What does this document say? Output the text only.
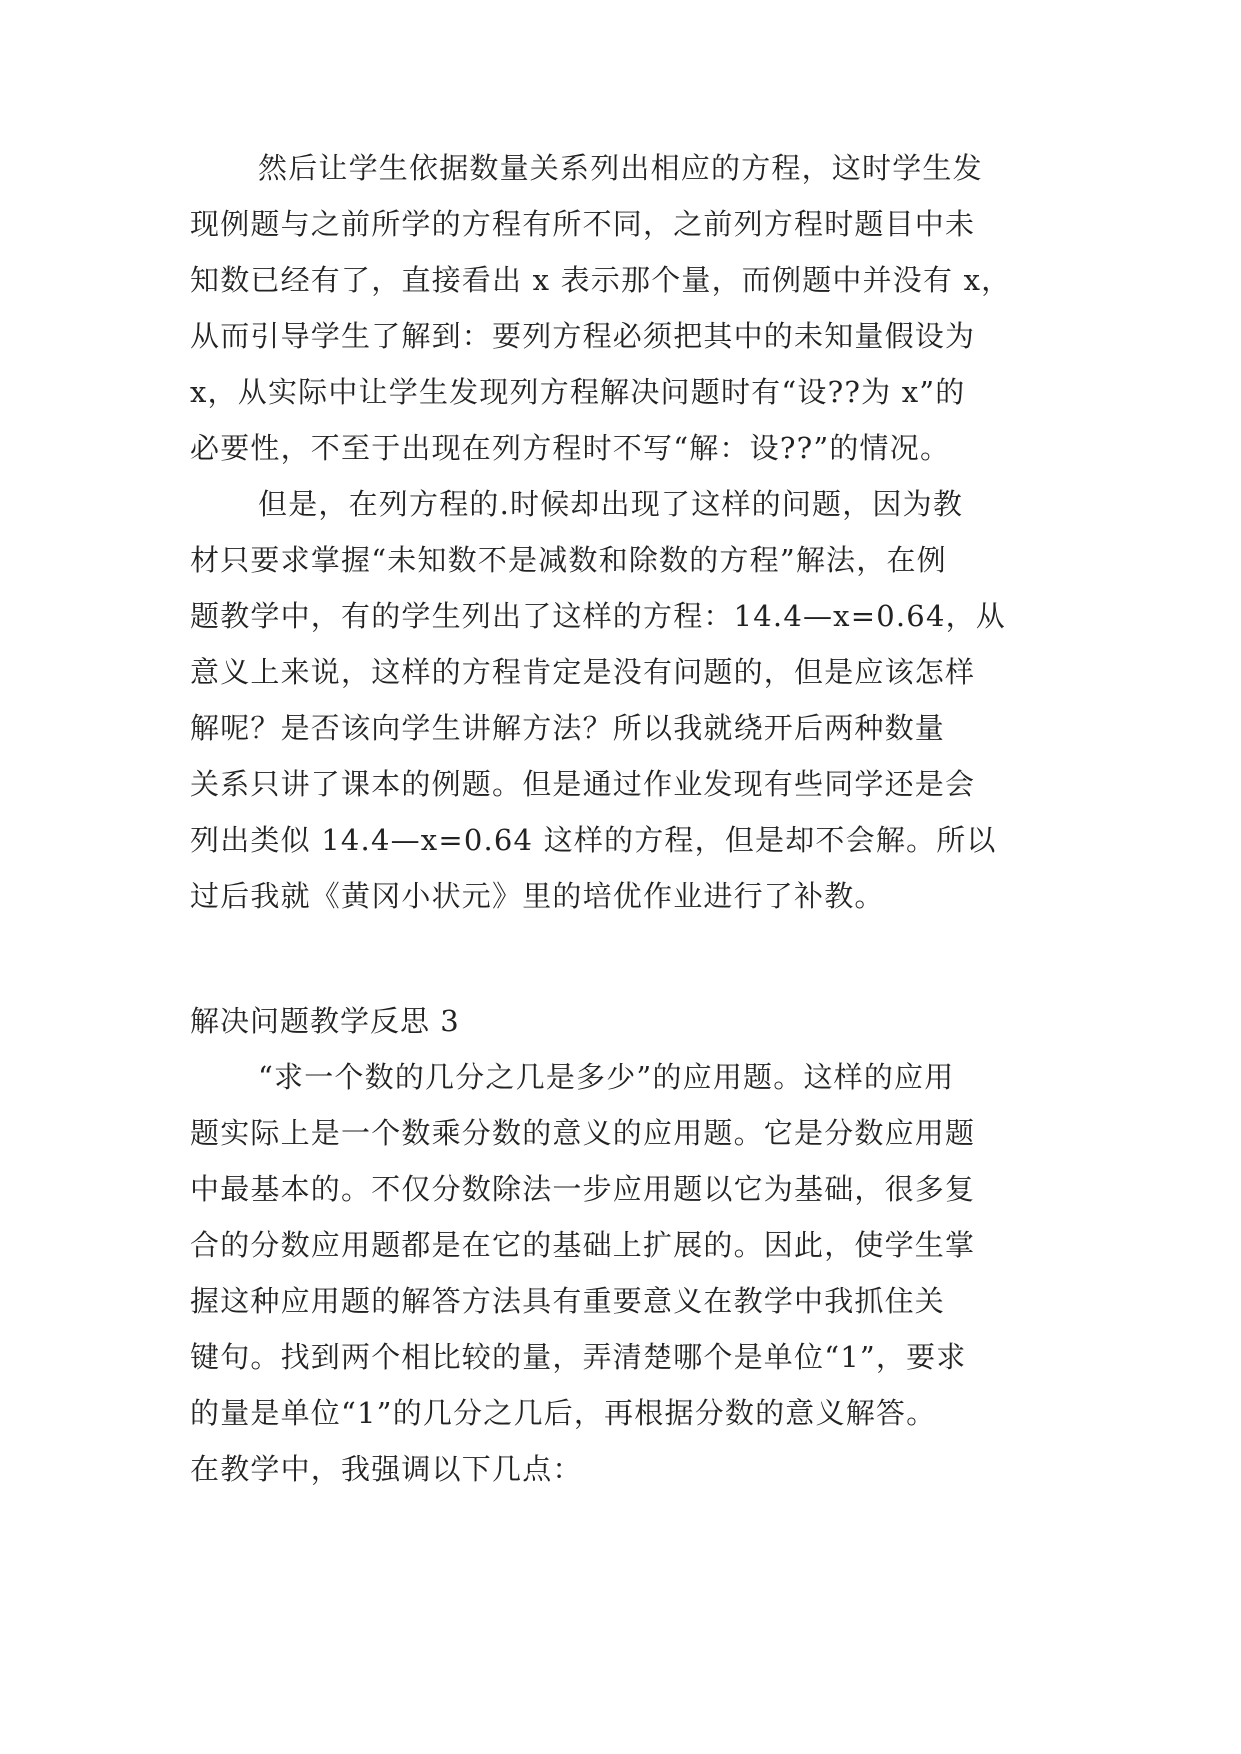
然后让学生依据数量关系列出相应的方程，这时学生发
现例题与之前所学的方程有所不同，之前列方程时题目中未
知数已经有了，直接看出 x 表示那个量，而例题中并没有 x，
从而引导学生了解到：要列方程必须把其中的未知量假设为
x，从实际中让学生发现列方程解决问题时有“设??为 x”的
必要性，不至于出现在列方程时不写“解：设??”的情况。
但是，在列方程的.时候却出现了这样的问题，因为教
材只要求掌握“未知数不是减数和除数的方程”解法，在例
题教学中，有的学生列出了这样的方程：14.4—x=0.64，从
意义上来说，这样的方程肯定是没有问题的，但是应该怎样
解呢？是否该向学生讲解方法？所以我就绕开后两种数量
关系只讲了课本的例题。但是通过作业发现有些同学还是会
列出类似 14.4—x=0.64 这样的方程，但是却不会解。所以
过后我就《黄冈小状元》里的培优作业进行了补教。
解决问题教学反思 3
“求一个数的几分之几是多少”的应用题。这样的应用
题实际上是一个数乘分数的意义的应用题。它是分数应用题
中最基本的。不仅分数除法一步应用题以它为基础，很多复
合的分数应用题都是在它的基础上扩展的。因此，使学生掌
握这种应用题的解答方法具有重要意义在教学中我抓住关
键句。找到两个相比较的量，弄清楚哪个是单位“1”，要求
的量是单位“1”的几分之几后，再根据分数的意义解答。
在教学中，我强调以下几点：
